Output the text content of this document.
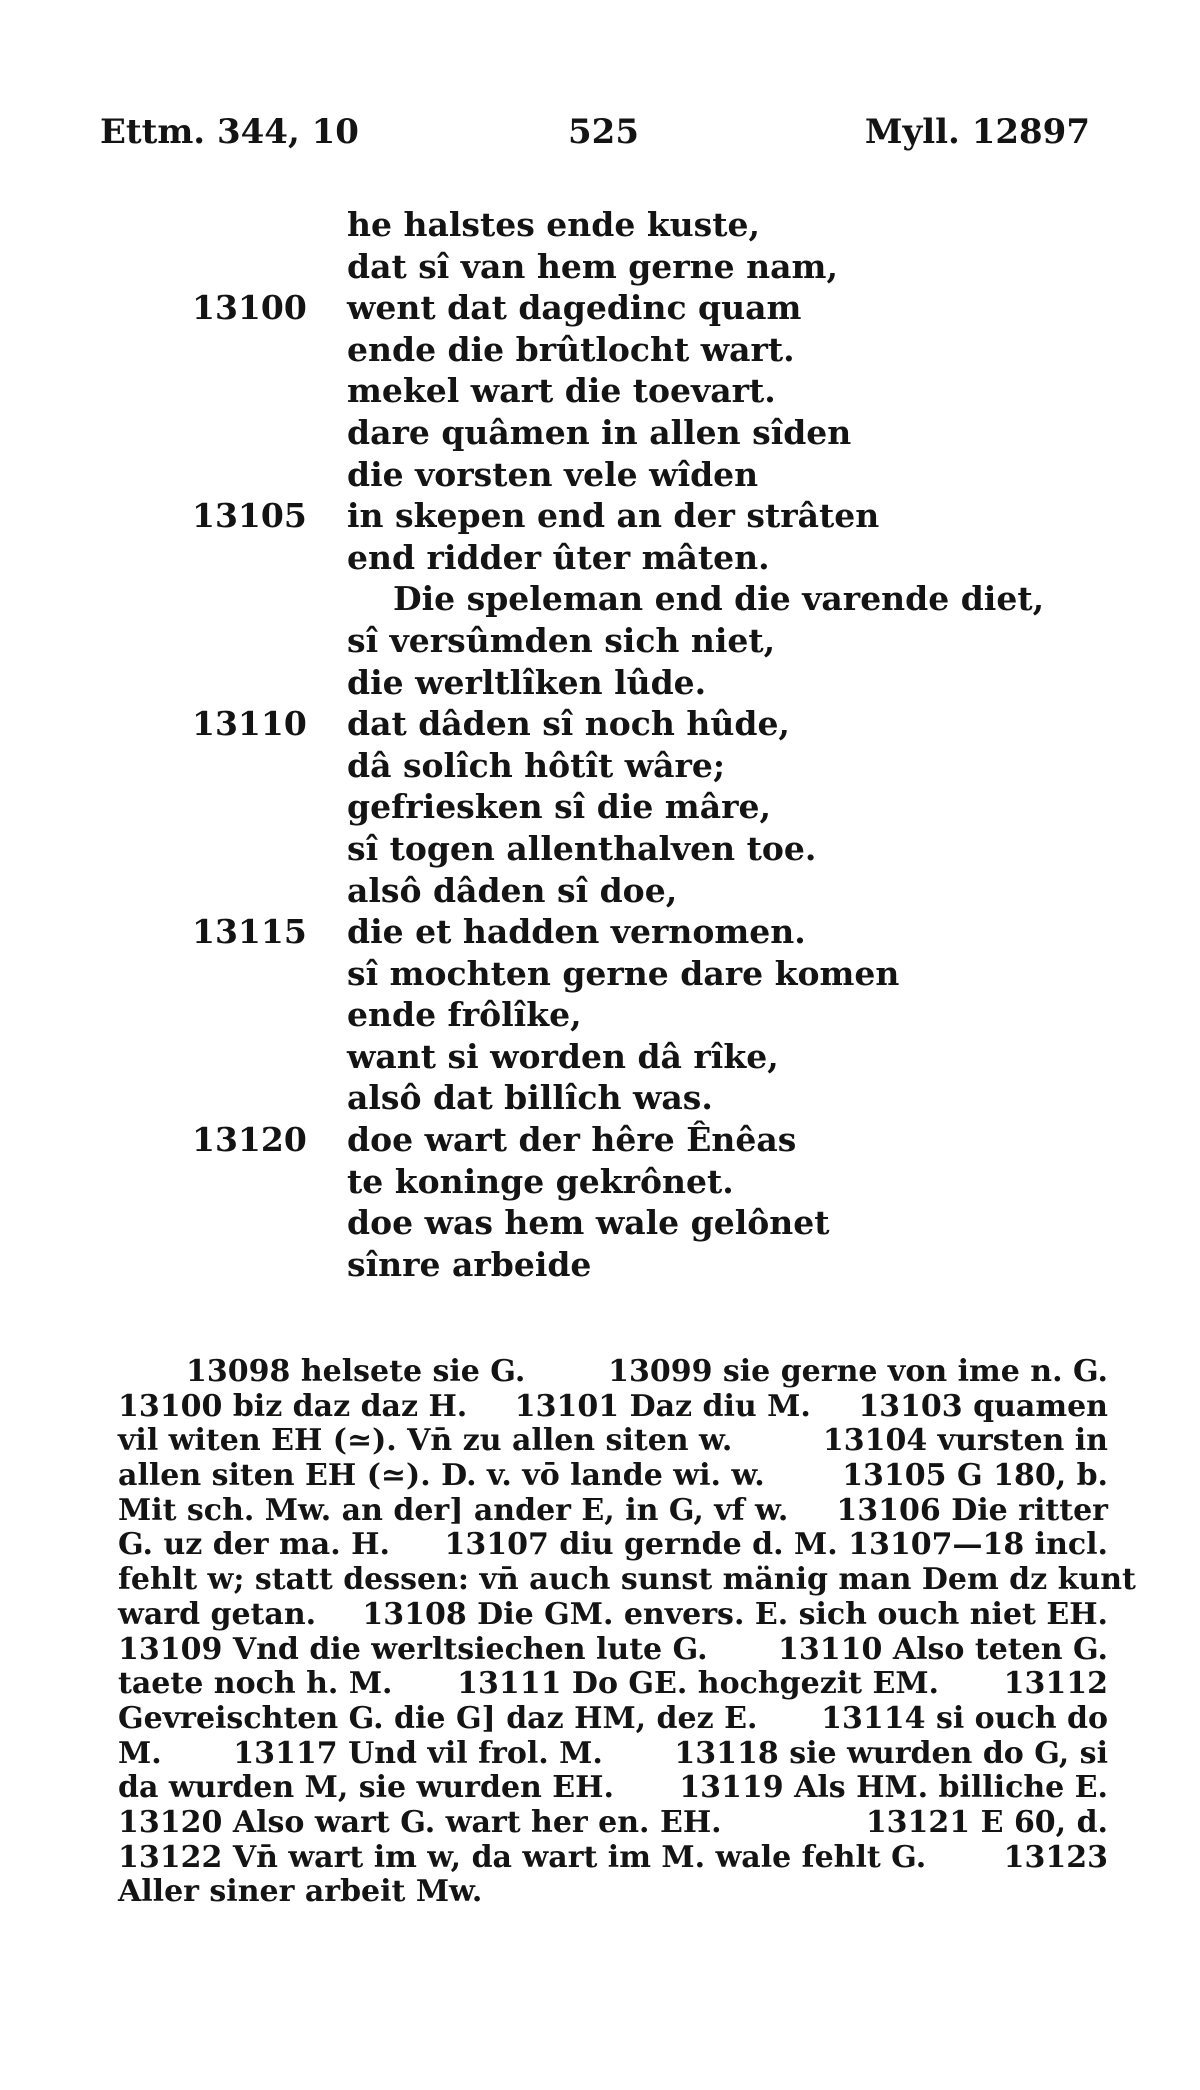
Ettm. 344, 10	525	Myll. 12897
he halstes ende kuste,
dat sî van hem gerne nam,
13100	went dat dagedinc quam
ende die brûtlocht wart.
mekel wart die toevart.
dare quâmen in allen sîden
die vorsten vele wîden
13105	in skepen end an der strâten
end ridder ûter mâten.
Die speleman end die varende diet,
sî versûmden sich niet,
die werltlîken lûde.
13110	dat dâden sî noch hûde,
dâ solîch hôtît wâre;
gefriesken sî die mâre,
sî togen allenthalven toe.
alsô dâden sî doe,
13115	die et hadden vernomen.
sî mochten gerne dare komen
ende frôlîke,
want si worden dâ rîke,
alsô dat billîch was.
13120	doe wart der hêre Ênêas
te koninge gekrônet.
doe was hem wale gelônet
sînre arbeide
13098 helsete sie G.	13099 sie gerne von ime n. G.
13100 biz daz daz H. 13101 Daz diu M. 13103 quamen
vil witen EH (≃). Vn̄ zu allen siten w.	13104 vursten in
allen siten EH (≃). D. v. vō lande wi. w.	13105 G 180, b.
Mit sch. Mw. an der] ander E, in G, vf w. 13106 Die ritter
G. uz der ma. H. 13107 diu gernde d. M. 13107—18 incl.
fehlt w; statt dessen: vn̄ auch sunst mänig man Dem dz kunt
ward getan. 13108 Die GM. envers. E. sich ouch niet EH.
13109 Vnd die werltsiechen lute G. 13110 Also teten G.
taete noch h. M. 13111 Do GE. hochgezit EM. 13112
Gevreischten G. die G] daz HM, dez E. 13114 si ouch do
M. 13117 Und vil frol. M. 13118 sie wurden do G, si
da wurden M, sie wurden EH. 13119 Als HM. billiche E.
13120 Also wart G. wart her en. EH.	13121 E 60, d.
13122 Vn̄ wart im w, da wart im M. wale fehlt G.	13123
Aller siner arbeit Mw.
